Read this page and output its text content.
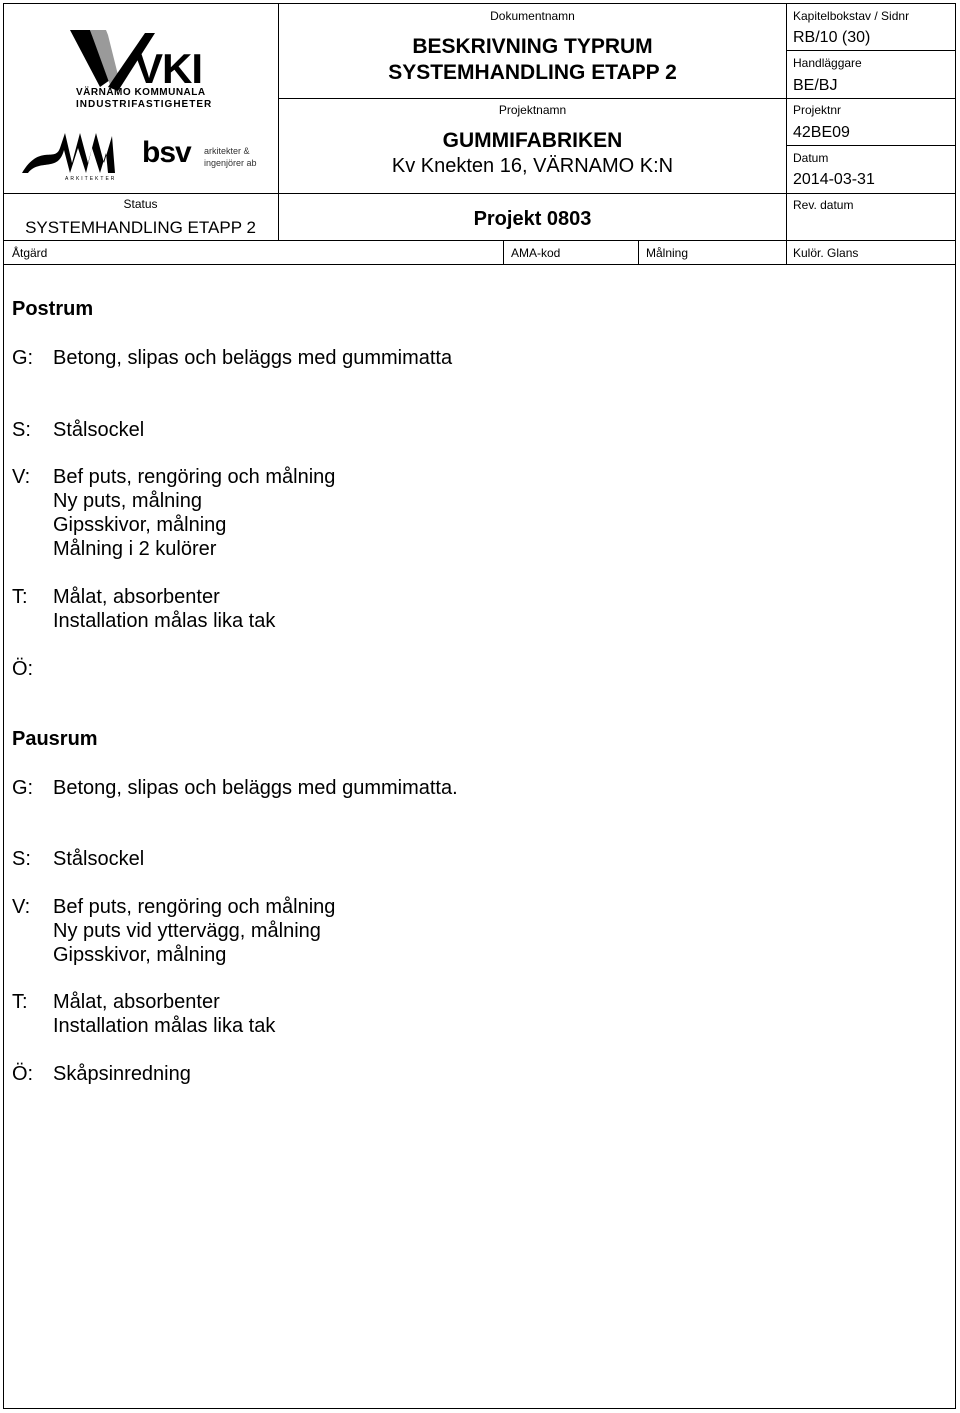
VKI
VÄRNAMO KOMMUNALA
INDUSTRIFASTIGHETER
ARKITEKTER
bsv arkitekter &
ingenjörer ab
Dokumentnamn
BESKRIVNING TYPRUM
SYSTEMHANDLING ETAPP 2
Projektnamn
GUMMIFABRIKEN
Kv Knekten 16, VÄRNAMO K:N
Projekt 0803
Status
SYSTEMHANDLING ETAPP 2
Kapitelbokstav / Sidnr
RB/10 (30)
Handläggare
BE/BJ
Projektnr
42BE09
Datum
2014-03-31
Rev. datum
Åtgärd	AMA-kod	Målning	Kulör. Glans
Postrum
G: Betong, slipas och beläggs med gummimatta
S:	Stålsockel
V:	Bef puts, rengöring och målning
Ny puts, målning
Gipsskivor, målning
Målning i 2 kulörer
T:	Målat, absorbenter
Installation målas lika tak
Ö:
Pausrum
G: Betong, slipas och beläggs med gummimatta.
S:	Stålsockel
V:	Bef puts, rengöring och målning
Ny puts vid yttervägg, målning
Gipsskivor, målning
T:	Målat, absorbenter
Installation målas lika tak
Ö: Skåpsinredning
